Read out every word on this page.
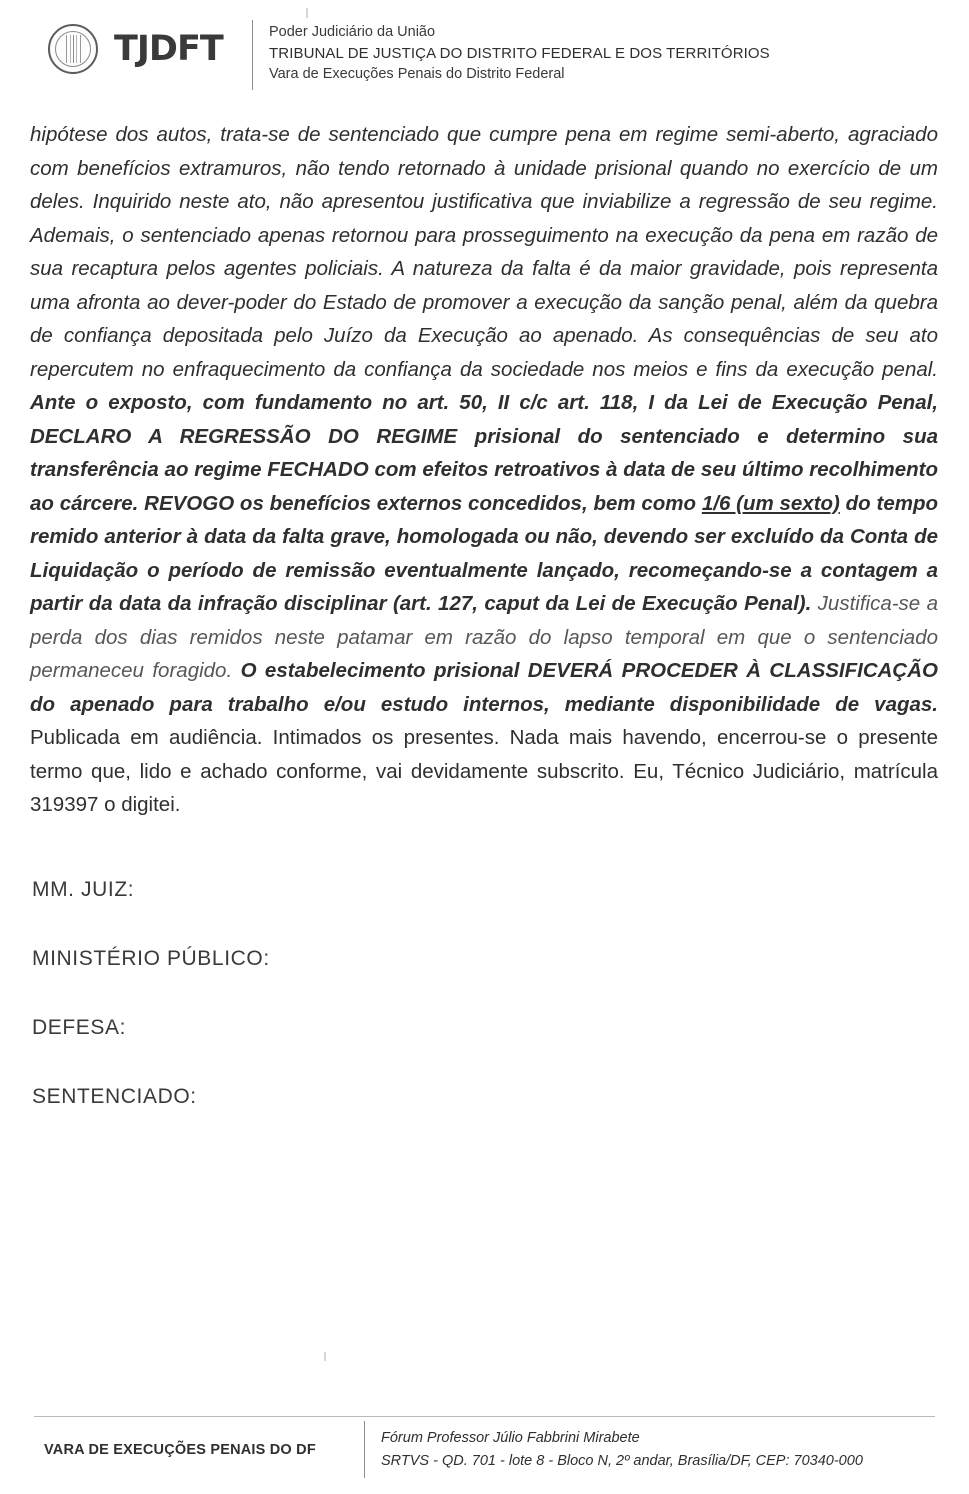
TJDFT	Poder Judiciário da União
TRIBUNAL DE JUSTIÇA DO DISTRITO FEDERAL E DOS TERRITÓRIOS
Vara de Execuções Penais do Distrito Federal
hipótese dos autos, trata-se de sentenciado que cumpre pena em regime semi-aberto, agraciado com benefícios extramuros, não tendo retornado à unidade prisional quando no exercício de um deles. Inquirido neste ato, não apresentou justificativa que inviabilize a regressão de seu regime. Ademais, o sentenciado apenas retornou para prosseguimento na execução da pena em razão de sua recaptura pelos agentes policiais. A natureza da falta é da maior gravidade, pois representa uma afronta ao dever-poder do Estado de promover a execução da sanção penal, além da quebra de confiança depositada pelo Juízo da Execução ao apenado. As consequências de seu ato repercutem no enfraquecimento da confiança da sociedade nos meios e fins da execução penal. Ante o exposto, com fundamento no art. 50, II c/c art. 118, I da Lei de Execução Penal, DECLARO A REGRESSÃO DO REGIME prisional do sentenciado e determino sua transferência ao regime FECHADO com efeitos retroativos à data de seu último recolhimento ao cárcere. REVOGO os benefícios externos concedidos, bem como 1/6 (um sexto) do tempo remido anterior à data da falta grave, homologada ou não, devendo ser excluído da Conta de Liquidação o período de remissão eventualmente lançado, recomeçando-se a contagem a partir da data da infração disciplinar (art. 127, caput da Lei de Execução Penal). Justifica-se a perda dos dias remidos neste patamar em razão do lapso temporal em que o sentenciado permaneceu foragido. O estabelecimento prisional DEVERÁ PROCEDER À CLASSIFICAÇÃO do apenado para trabalho e/ou estudo internos, mediante disponibilidade de vagas. Publicada em audiência. Intimados os presentes. Nada mais havendo, encerrou-se o presente termo que, lido e achado conforme, vai devidamente subscrito. Eu, Técnico Judiciário, matrícula 319397 o digitei.
MM. JUIZ:
MINISTÉRIO PÚBLICO:
DEFESA:
SENTENCIADO:
VARA DE EXECUÇÕES PENAIS DO DF
Fórum Professor Júlio Fabbrini Mirabete
SRTVS - QD. 701 - lote 8 - Bloco N, 2º andar, Brasília/DF, CEP: 70340-000
